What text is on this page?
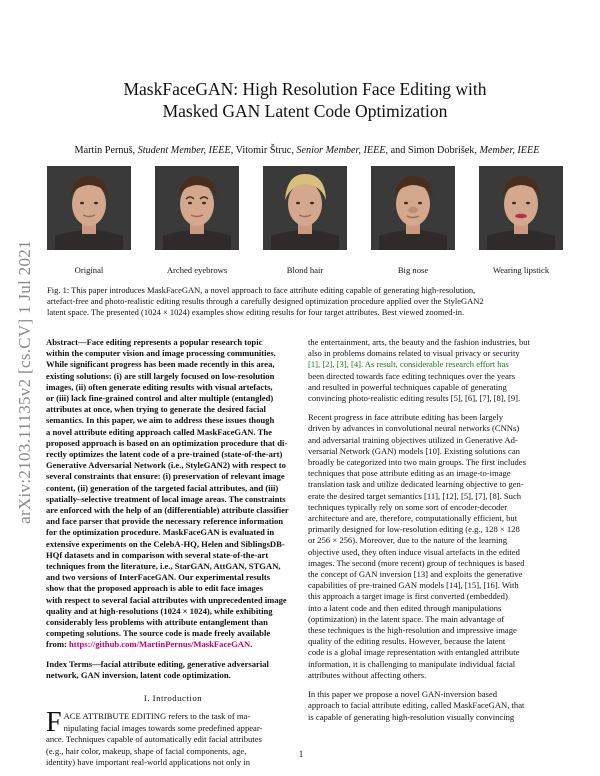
arXiv:2103.11135v2 [cs.CV] 1 Jul 2021
MaskFaceGAN: High Resolution Face Editing with
Masked GAN Latent Code Optimization
Martin Pernuš, Student Member, IEEE, Vitomir Štruc, Senior Member, IEEE, and Simon Dobrišek, Member, IEEE
Original	Arched eyebrows	Blond hair	Big nose	Wearing lipstick

Fig. 1: This paper introduces MaskFaceGAN, a novel approach to face attribute editing capable of generating high-resolution,

artefact-free and photo-realistic editing results through a carefully designed optimization procedure applied over the StyleGAN2

latent space. The presented (1024 × 1024) examples show editing results for four target attributes. Best viewed zoomed-in.

Abstract—Face editing represents a popular research topic

within the computer vision and image processing communities.

While significant progress has been made recently in this area,

existing solutions: (i) are still largely focused on low-resolution

images, (ii) often generate editing results with visual artefacts,

or (iii) lack fine-grained control and alter multiple (entangled)

attributes at once, when trying to generate the desired facial

semantics. In this paper, we aim to address these issues though

a novel attribute editing approach called MaskFaceGAN. The

proposed approach is based on an optimization procedure that di-

rectly optimizes the latent code of a pre-trained (state-of-the-art)

Generative Adversarial Network (i.e., StyleGAN2) with respect to

several constraints that ensure: (i) preservation of relevant image

content, (ii) generation of the targeted facial attributes, and (iii)

spatially–selective treatment of local image areas. The constraints

are enforced with the help of an (differentiable) attribute classifier

and face parser that provide the necessary reference information

for the optimization procedure. MaskFaceGAN is evaluated in

extensive experiments on the CelebA-HQ, Helen and SiblingsDB-

HQf datasets and in comparison with several state-of-the-art

techniques from the literature, i.e., StarGAN, AttGAN, STGAN,

and two versions of InterFaceGAN. Our experimental results

show that the proposed approach is able to edit face images

with respect to several facial attributes with unprecedented image

quality and at high-resolutions (1024 × 1024), while exhibiting

considerably less problems with attribute entanglement than

competing solutions. The source code is made freely available

from: https://github.com/MartinPernus/MaskFaceGAN.

Index Terms—facial attribute editing, generative adversarial

network, GAN inversion, latent code optimization.

I. Introduction
F ACE ATTRIBUTE EDITING refers to the task of ma-

nipulating facial images towards some predefined appear-

ance. Techniques capable of automatically edit facial attributes

(e.g., hair color, makeup, shape of facial components, age,

identity) have important real-world applications not only in

the entertainment, arts, the beauty and the fashion industries, but

also in problems domains related to visual privacy or security

[1], [2], [3], [4]. As result, considerable research effort has

been directed towards face editing techniques over the years

and resulted in powerful techniques capable of generating

convincing photo-realistic editing results [5], [6], [7], [8], [9].

Recent progress in face attribute editing has been largely

driven by advances in convolutional neural networks (CNNs)

and adversarial training objectives utilized in Generative Ad-

versarial Network (GAN) models [10]. Existing solutions can

broadly be categorized into two main groups. The first includes

techniques that pose attribute editing as an image-to-image

translation task and utilize dedicated learning objective to gen-

erate the desired target semantics [11], [12], [5], [7], [8]. Such

techniques typically rely on some sort of encoder-decoder

architecture and are, therefore, computationally efficient, but

primarily designed for low-resolution editing (e.g., 128 × 128

or 256 × 256). Moreover, due to the nature of the learning

objective used, they often induce visual artefacts in the edited

images. The second (more recent) group of techniques is based

the concept of GAN inversion [13] and exploits the generative

capabilities of pre-trained GAN models [14], [15], [16]. With

this approach a target image is first converted (embedded)

into a latent code and then edited through manipulations

(optimization) in the latent space. The main advantage of

these techniques is the high-resolution and impressive image

quality of the editing results. However, because the latent

code is a global image representation with entangled attribute

information, it is challenging to manipulate individual facial

attributes without affecting others.

In this paper we propose a novel GAN-inversion based

approach to facial attribute editing, called MaskFaceGAN, that

is capable of generating high-resolution visually convincing

1
